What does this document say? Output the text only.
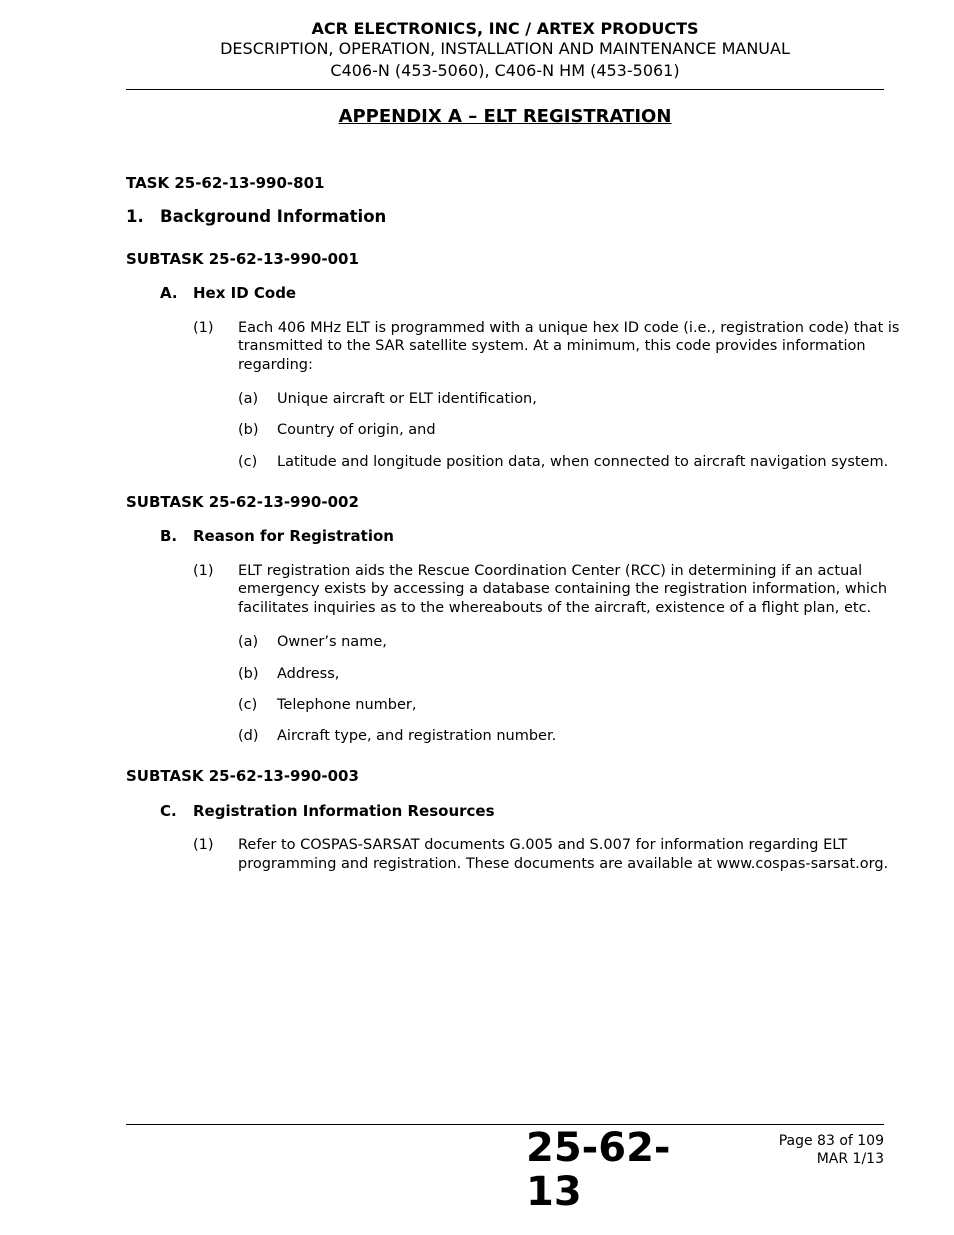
ACR ELECTRONICS, INC / ARTEX PRODUCTS
DESCRIPTION, OPERATION, INSTALLATION AND MAINTENANCE MANUAL
C406-N (453-5060), C406-N HM (453-5061)
APPENDIX A – ELT REGISTRATION
TASK 25-62-13-990-801
1. Background Information
SUBTASK 25-62-13-990-001
A. Hex ID Code
(1) Each 406 MHz ELT is programmed with a unique hex ID code (i.e., registration code) that is
transmitted to the SAR satellite system. At a minimum, this code provides information
regarding:
(a) Unique aircraft or ELT identification,
(b) Country of origin, and
(c) Latitude and longitude position data, when connected to aircraft navigation system.
SUBTASK 25-62-13-990-002
B. Reason for Registration
(1) ELT registration aids the Rescue Coordination Center (RCC) in determining if an actual
emergency exists by accessing a database containing the registration information, which
facilitates inquiries as to the whereabouts of the aircraft, existence of a flight plan, etc.
(a) Owner’s name,
(b) Address,
(c) Telephone number,
(d) Aircraft type, and registration number.
SUBTASK 25-62-13-990-003
C. Registration Information Resources
(1) Refer to COSPAS-SARSAT documents G.005 and S.007 for information regarding ELT
programming and registration. These documents are available at www.cospas-sarsat.org.
25-62-13
Page 83 of 109
MAR 1/13
